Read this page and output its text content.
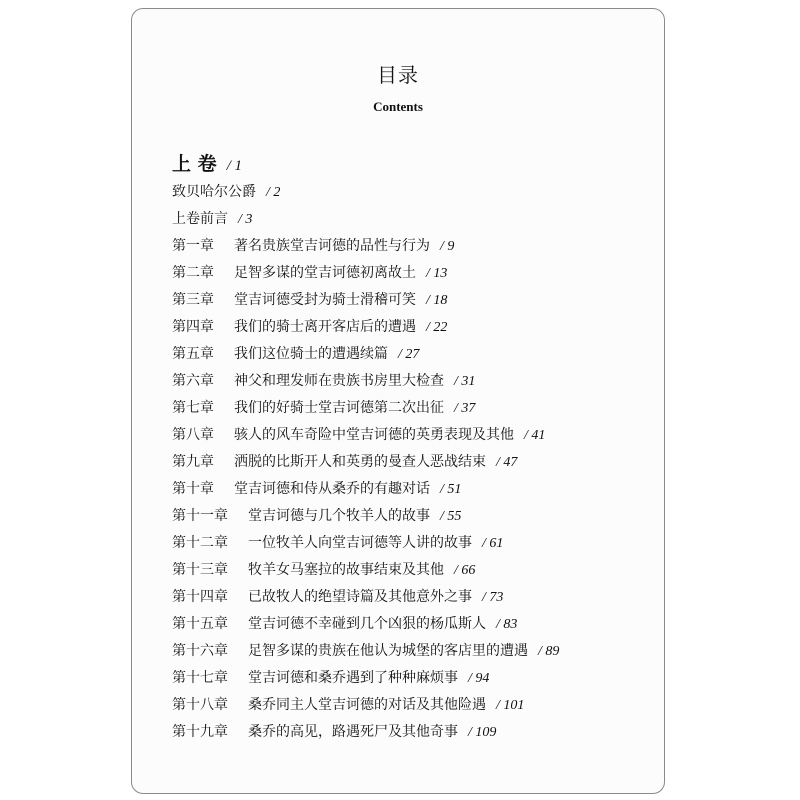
目录
Contents
上 卷 / 1
致贝哈尔公爵 / 2
上卷前言 / 3
第一章 著名贵族堂吉诃德的品性与行为 / 9
第二章 足智多谋的堂吉诃德初离故土 / 13
第三章 堂吉诃德受封为骑士滑稽可笑 / 18
第四章 我们的骑士离开客店后的遭遇 / 22
第五章 我们这位骑士的遭遇续篇 / 27
第六章 神父和理发师在贵族书房里大检查 / 31
第七章 我们的好骑士堂吉诃德第二次出征 / 37
第八章 骇人的风车奇险中堂吉诃德的英勇表现及其他 / 41
第九章 洒脱的比斯开人和英勇的曼查人恶战结束 / 47
第十章 堂吉诃德和侍从桑乔的有趣对话 / 51
第十一章 堂吉诃德与几个牧羊人的故事 / 55
第十二章 一位牧羊人向堂吉诃德等人讲的故事 / 61
第十三章 牧羊女马塞拉的故事结束及其他 / 66
第十四章 已故牧人的绝望诗篇及其他意外之事 / 73
第十五章 堂吉诃德不幸碰到几个凶狠的杨瓜斯人 / 83
第十六章 足智多谋的贵族在他认为城堡的客店里的遭遇 / 89
第十七章 堂吉诃德和桑乔遇到了种种麻烦事 / 94
第十八章 桑乔同主人堂吉诃德的对话及其他险遇 / 101
第十九章 桑乔的高见，路遇死尸及其他奇事 / 109
